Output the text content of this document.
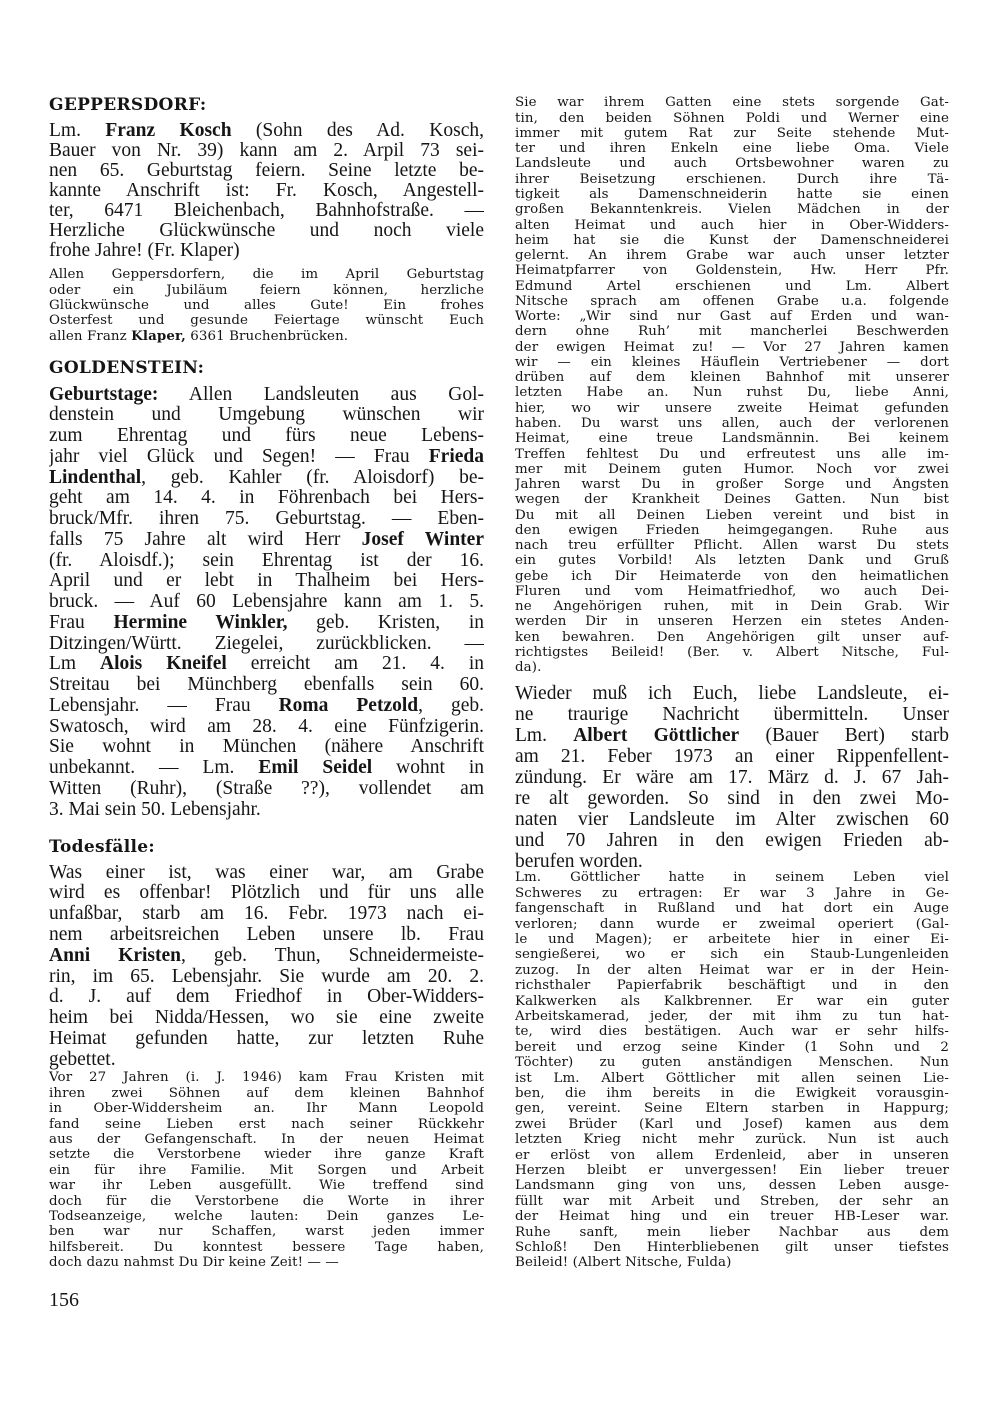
GEPPERSDORF:
Lm. Franz Kosch (Sohn des Ad. Kosch,
Bauer von Nr. 39) kann am 2. Arpil 73 sei-
nen 65. Geburtstag feiern. Seine letzte be-
kannte Anschrift ist: Fr. Kosch, Angestell-
ter, 6471 Bleichenbach, Bahnhofstraße. —
Herzliche Glückwünsche und noch viele
frohe Jahre! (Fr. Klaper)
Allen Geppersdorfern, die im April Geburtstag
oder ein Jubiläum feiern können, herzliche
Glückwünsche und alles Gute! Ein frohes
Osterfest und gesunde Feiertage wünscht Euch
allen Franz Klaper, 6361 Bruchenbrücken.
GOLDENSTEIN:
Geburtstage: Allen Landsleuten aus Gol-
denstein und Umgebung wünschen wir
zum Ehrentag und fürs neue Lebens-
jahr viel Glück und Segen! — Frau Frieda
Lindenthal, geb. Kahler (fr. Aloisdorf) be-
geht am 14. 4. in Föhrenbach bei Hers-
bruck/Mfr. ihren 75. Geburtstag. — Eben-
falls 75 Jahre alt wird Herr Josef Winter
(fr. Aloisdf.); sein Ehrentag ist der 16.
April und er lebt in Thalheim bei Hers-
bruck. — Auf 60 Lebensjahre kann am 1. 5.
Frau Hermine Winkler, geb. Kristen, in
Ditzingen/Württ. Ziegelei, zurückblicken. —
Lm Alois Kneifel erreicht am 21. 4. in
Streitau bei Münchberg ebenfalls sein 60.
Lebensjahr. — Frau Roma Petzold, geb.
Swatosch, wird am 28. 4. eine Fünfzigerin.
Sie wohnt in München (nähere Anschrift
unbekannt. — Lm. Emil Seidel wohnt in
Witten (Ruhr), (Straße ??), vollendet am
3. Mai sein 50. Lebensjahr.
Todesfälle:
Was einer ist, was einer war, am Grabe
wird es offenbar! Plötzlich und für uns alle
unfaßbar, starb am 16. Febr. 1973 nach ei-
nem arbeitsreichen Leben unsere lb. Frau
Anni Kristen, geb. Thun, Schneidermeiste-
rin, im 65. Lebensjahr. Sie wurde am 20. 2.
d. J. auf dem Friedhof in Ober-Widders-
heim bei Nidda/Hessen, wo sie eine zweite
Heimat gefunden hatte, zur letzten Ruhe
gebettet.
Vor 27 Jahren (i. J. 1946) kam Frau Kristen mit
ihren zwei Söhnen auf dem kleinen Bahnhof
in Ober-Widdersheim an. Ihr Mann Leopold
fand seine Lieben erst nach seiner Rückkehr
aus der Gefangenschaft. In der neuen Heimat
setzte die Verstorbene wieder ihre ganze Kraft
ein für ihre Familie. Mit Sorgen und Arbeit
war ihr Leben ausgefüllt. Wie treffend sind
doch für die Verstorbene die Worte in ihrer
Todseanzeige, welche lauten: Dein ganzes Le-
ben war nur Schaffen, warst jeden immer
hilfsbereit. Du konntest bessere Tage haben,
doch dazu nahmst Du Dir keine Zeit! — —
Sie war ihrem Gatten eine stets sorgende Gat-
tin, den beiden Söhnen Poldi und Werner eine
immer mit gutem Rat zur Seite stehende Mut-
ter und ihren Enkeln eine liebe Oma. Viele
Landsleute und auch Ortsbewohner waren zu
ihrer Beisetzung erschienen. Durch ihre Tä-
tigkeit als Damenschneiderin hatte sie einen
großen Bekanntenkreis. Vielen Mädchen in der
alten Heimat und auch hier in Ober-Widders-
heim hat sie die Kunst der Damenschneiderei
gelernt. An ihrem Grabe war auch unser letzter
Heimatpfarrer von Goldenstein, Hw. Herr Pfr.
Edmund Artel erschienen und Lm. Albert
Nitsche sprach am offenen Grabe u.a. folgende
Worte: „Wir sind nur Gast auf Erden und wan-
dern ohne Ruh’ mit mancherlei Beschwerden
der ewigen Heimat zu! — Vor 27 Jahren kamen
wir — ein kleines Häuflein Vertriebener — dort
drüben auf dem kleinen Bahnhof mit unserer
letzten Habe an. Nun ruhst Du, liebe Anni,
hier, wo wir unsere zweite Heimat gefunden
haben. Du warst uns allen, auch der verlorenen
Heimat, eine treue Landsmännin. Bei keinem
Treffen fehltest Du und erfreutest uns alle im-
mer mit Deinem guten Humor. Noch vor zwei
Jahren warst Du in großer Sorge und Ängsten
wegen der Krankheit Deines Gatten. Nun bist
Du mit all Deinen Lieben vereint und bist in
den ewigen Frieden heimgegangen. Ruhe aus
nach treu erfüllter Pflicht. Allen warst Du stets
ein gutes Vorbild! Als letzten Dank und Gruß
gebe ich Dir Heimaterde von den heimatlichen
Fluren und vom Heimatfriedhof, wo auch Dei-
ne Angehörigen ruhen, mit in Dein Grab. Wir
werden Dir in unseren Herzen ein stetes Anden-
ken bewahren. Den Angehörigen gilt unser auf-
richtigstes Beileid! (Ber. v. Albert Nitsche, Ful-
da).
Wieder muß ich Euch, liebe Landsleute, ei-
ne traurige Nachricht übermitteln. Unser
Lm. Albert Göttlicher (Bauer Bert) starb
am 21. Feber 1973 an einer Rippenfellent-
zündung. Er wäre am 17. März d. J. 67 Jah-
re alt geworden. So sind in den zwei Mo-
naten vier Landsleute im Alter zwischen 60
und 70 Jahren in den ewigen Frieden ab-
berufen worden.
Lm. Göttlicher hatte in seinem Leben viel
Schweres zu ertragen: Er war 3 Jahre in Ge-
fangenschaft in Rußland und hat dort ein Auge
verloren; dann wurde er zweimal operiert (Gal-
le und Magen); er arbeitete hier in einer Ei-
sengießerei, wo er sich ein Staub-Lungenleiden
zuzog. In der alten Heimat war er in der Hein-
richsthaler Papierfabrik beschäftigt und in den
Kalkwerken als Kalkbrenner. Er war ein guter
Arbeitskamerad, jeder, der mit ihm zu tun hat-
te, wird dies bestätigen. Auch war er sehr hilfs-
bereit und erzog seine Kinder (1 Sohn und 2
Töchter) zu guten anständigen Menschen. Nun
ist Lm. Albert Göttlicher mit allen seinen Lie-
ben, die ihm bereits in die Ewigkeit vorausgin-
gen, vereint. Seine Eltern starben in Happurg;
zwei Brüder (Karl und Josef) kamen aus dem
letzten Krieg nicht mehr zurück. Nun ist auch
er erlöst von allem Erdenleid, aber in unseren
Herzen bleibt er unvergessen! Ein lieber treuer
Landsmann ging von uns, dessen Leben ausge-
füllt war mit Arbeit und Streben, der sehr an
der Heimat hing und ein treuer HB-Leser war.
Ruhe sanft, mein lieber Nachbar aus dem
Schloß! Den Hinterbliebenen gilt unser tiefstes
Beileid! (Albert Nitsche, Fulda)
156
